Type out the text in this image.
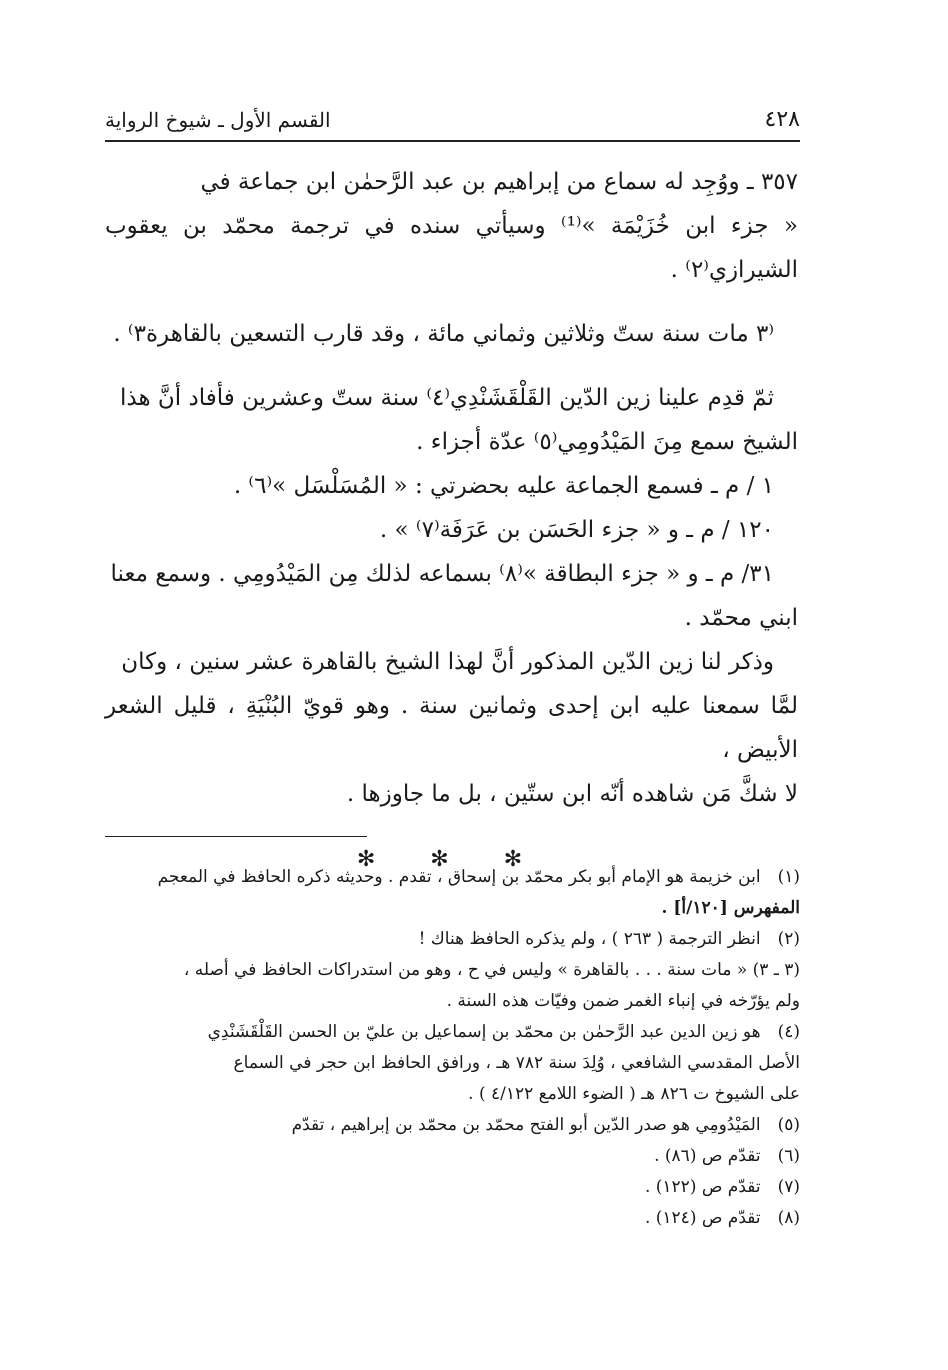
٤٢٨
القسم الأول ـ شيوخ الرواية

٣٥٧ ـ ووُجِد له سماع من إبراهيم بن عبد الرَّحمٰن ابن جماعة في

« جزء ابن خُزَيْمَة »⁽¹⁾ وسيأتي سنده في ترجمة محمّد بن يعقوب الشيرازي⁽٢⁾ .

⁽٣ مات سنة ستّ وثلاثين وثماني مائة ، وقد قارب التسعين بالقاهرة٣⁾ .

ثمّ قدِم علينا زين الدّين القَلْقَشَنْدِي⁽٤⁾ سنة ستّ وعشرين فأفاد أنَّ هذا

الشيخ سمع مِنَ المَيْدُومِي⁽٥⁾ عدّة أجزاء .

١ / م ـ فسمع الجماعة عليه بحضرتي : « المُسَلْسَل »⁽٦⁾ .

١٢٠ / م ـ و « جزء الحَسَن بن عَرَفَة⁽٧⁾ » .

٣١/ م ـ و « جزء البطاقة »⁽٨⁾ بسماعه لذلك مِن المَيْدُومِي . وسمع معنا

ابني محمّد .

وذكر لنا زين الدّين المذكور أنَّ لهذا الشيخ بالقاهرة عشر سنين ، وكان

لمَّا سمعنا عليه ابن إحدى وثمانين سنة . وهو قويّ البُنْيَةِ ، قليل الشعر الأبيض ،

لا شكَّ مَن شاهده أنّه ابن ستّين ، بل ما جاوزها .

✻ ✻ ✻

(١) ابن خزيمة هو الإمام أبو بكر محمّد بن إسحاق ، تقدم . وحديثه ذكره الحافظ في المعجم

المفهرس [١٢٠/أ] .

(٢) انظر الترجمة ( ٢٦٣ ) ، ولم يذكره الحافظ هناك !

(٣ ـ ٣) « مات سنة . . . بالقاهرة » وليس في ح ، وهو من استدراكات الحافظ في أصله ،

ولم يؤرّخه في إنباء الغمر ضمن وفيّات هذه السنة .

(٤) هو زين الدين عبد الرَّحمٰن بن محمّد بن إسماعيل بن عليّ بن الحسن القَلْقَشَنْدِي

الأصل المقدسي الشافعي ، وُلِدَ سنة ٧٨٢ هـ ، ورافق الحافظ ابن حجر في السماع

على الشيوخ ت ٨٢٦ هـ ( الضوء اللامع ٤/١٢٢ ) .

(٥) المَيْدُومِي هو صدر الدّين أبو الفتح محمّد بن محمّد بن إبراهيم ، تقدّم

(٦) تقدّم ص (٨٦) .

(٧) تقدّم ص (١٢٢) .

(٨) تقدّم ص (١٢٤) .
